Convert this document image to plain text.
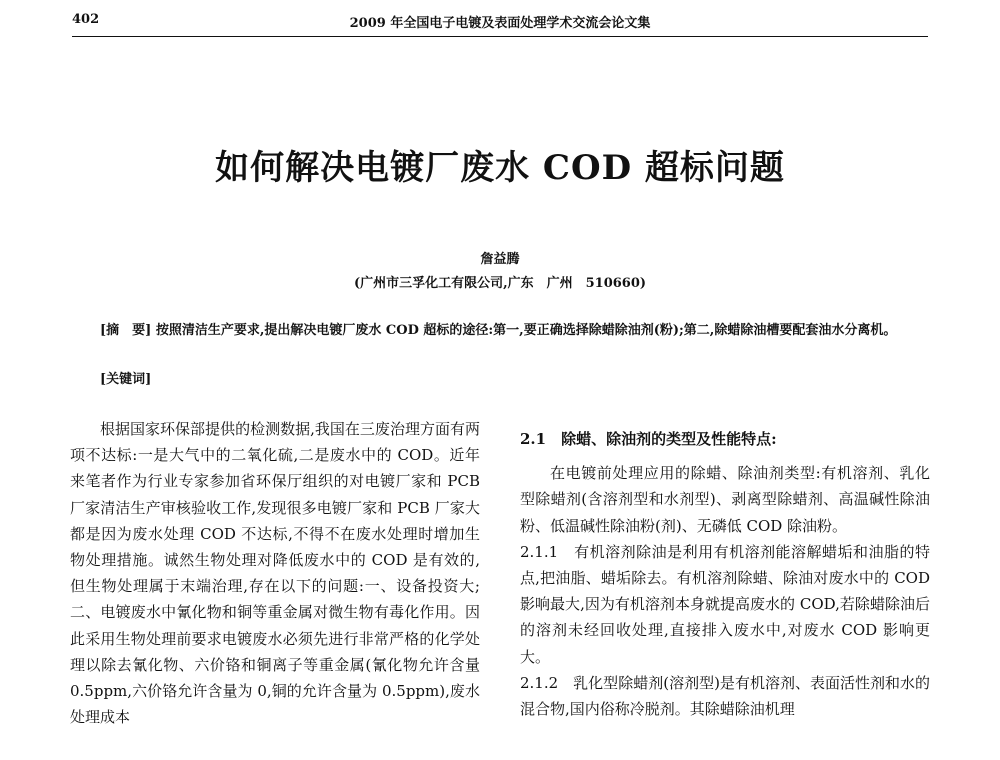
402	2009 年全国电子电镀及表面处理学术交流会论文集
如何解决电镀厂废水 COD 超标问题
詹益腾
(广州市三孚化工有限公司,广东　广州　510660)

[摘　要] 按照清洁生产要求,提出解决电镀厂废水 COD 超标的途径:第一,要正确选择除蜡除油剂(粉);第二,除蜡除油槽要配套油水分离机。

[关键词]

根据国家环保部提供的检测数据,我国在三废治理方面有两项不达标:一是大气中的二氧化硫,二是废水中的 COD。近年来笔者作为行业专家参加省环保厅组织的对电镀厂家和 PCB 厂家清洁生产审核验收工作,发现很多电镀厂家和 PCB 厂家大都是因为废水处理 COD 不达标,不得不在废水处理时增加生物处理措施。诚然生物处理对降低废水中的 COD 是有效的,但生物处理属于末端治理,存在以下的问题:一、设备投资大;二、电镀废水中氰化物和铜等重金属对微生物有毒化作用。因此采用生物处理前要求电镀废水必须先进行非常严格的化学处理以除去氰化物、六价铬和铜离子等重金属(氰化物允许含量 0.5ppm,六价铬允许含量为 0,铜的允许含量为 0.5ppm),废水处理成本

2.1　除蜡、除油剂的类型及性能特点:

在电镀前处理应用的除蜡、除油剂类型:有机溶剂、乳化型除蜡剂(含溶剂型和水剂型)、剥离型除蜡剂、高温碱性除油粉、低温碱性除油粉(剂)、无磷低 COD 除油粉。

2.1.1　有机溶剂除油是利用有机溶剂能溶解蜡垢和油脂的特点,把油脂、蜡垢除去。有机溶剂除蜡、除油对废水中的 COD 影响最大,因为有机溶剂本身就提高废水的 COD,若除蜡除油后的溶剂未经回收处理,直接排入废水中,对废水 COD 影响更大。

2.1.2　乳化型除蜡剂(溶剂型)是有机溶剂、表面活性剂和水的混合物,国内俗称冷脱剂。其除蜡除油机理
